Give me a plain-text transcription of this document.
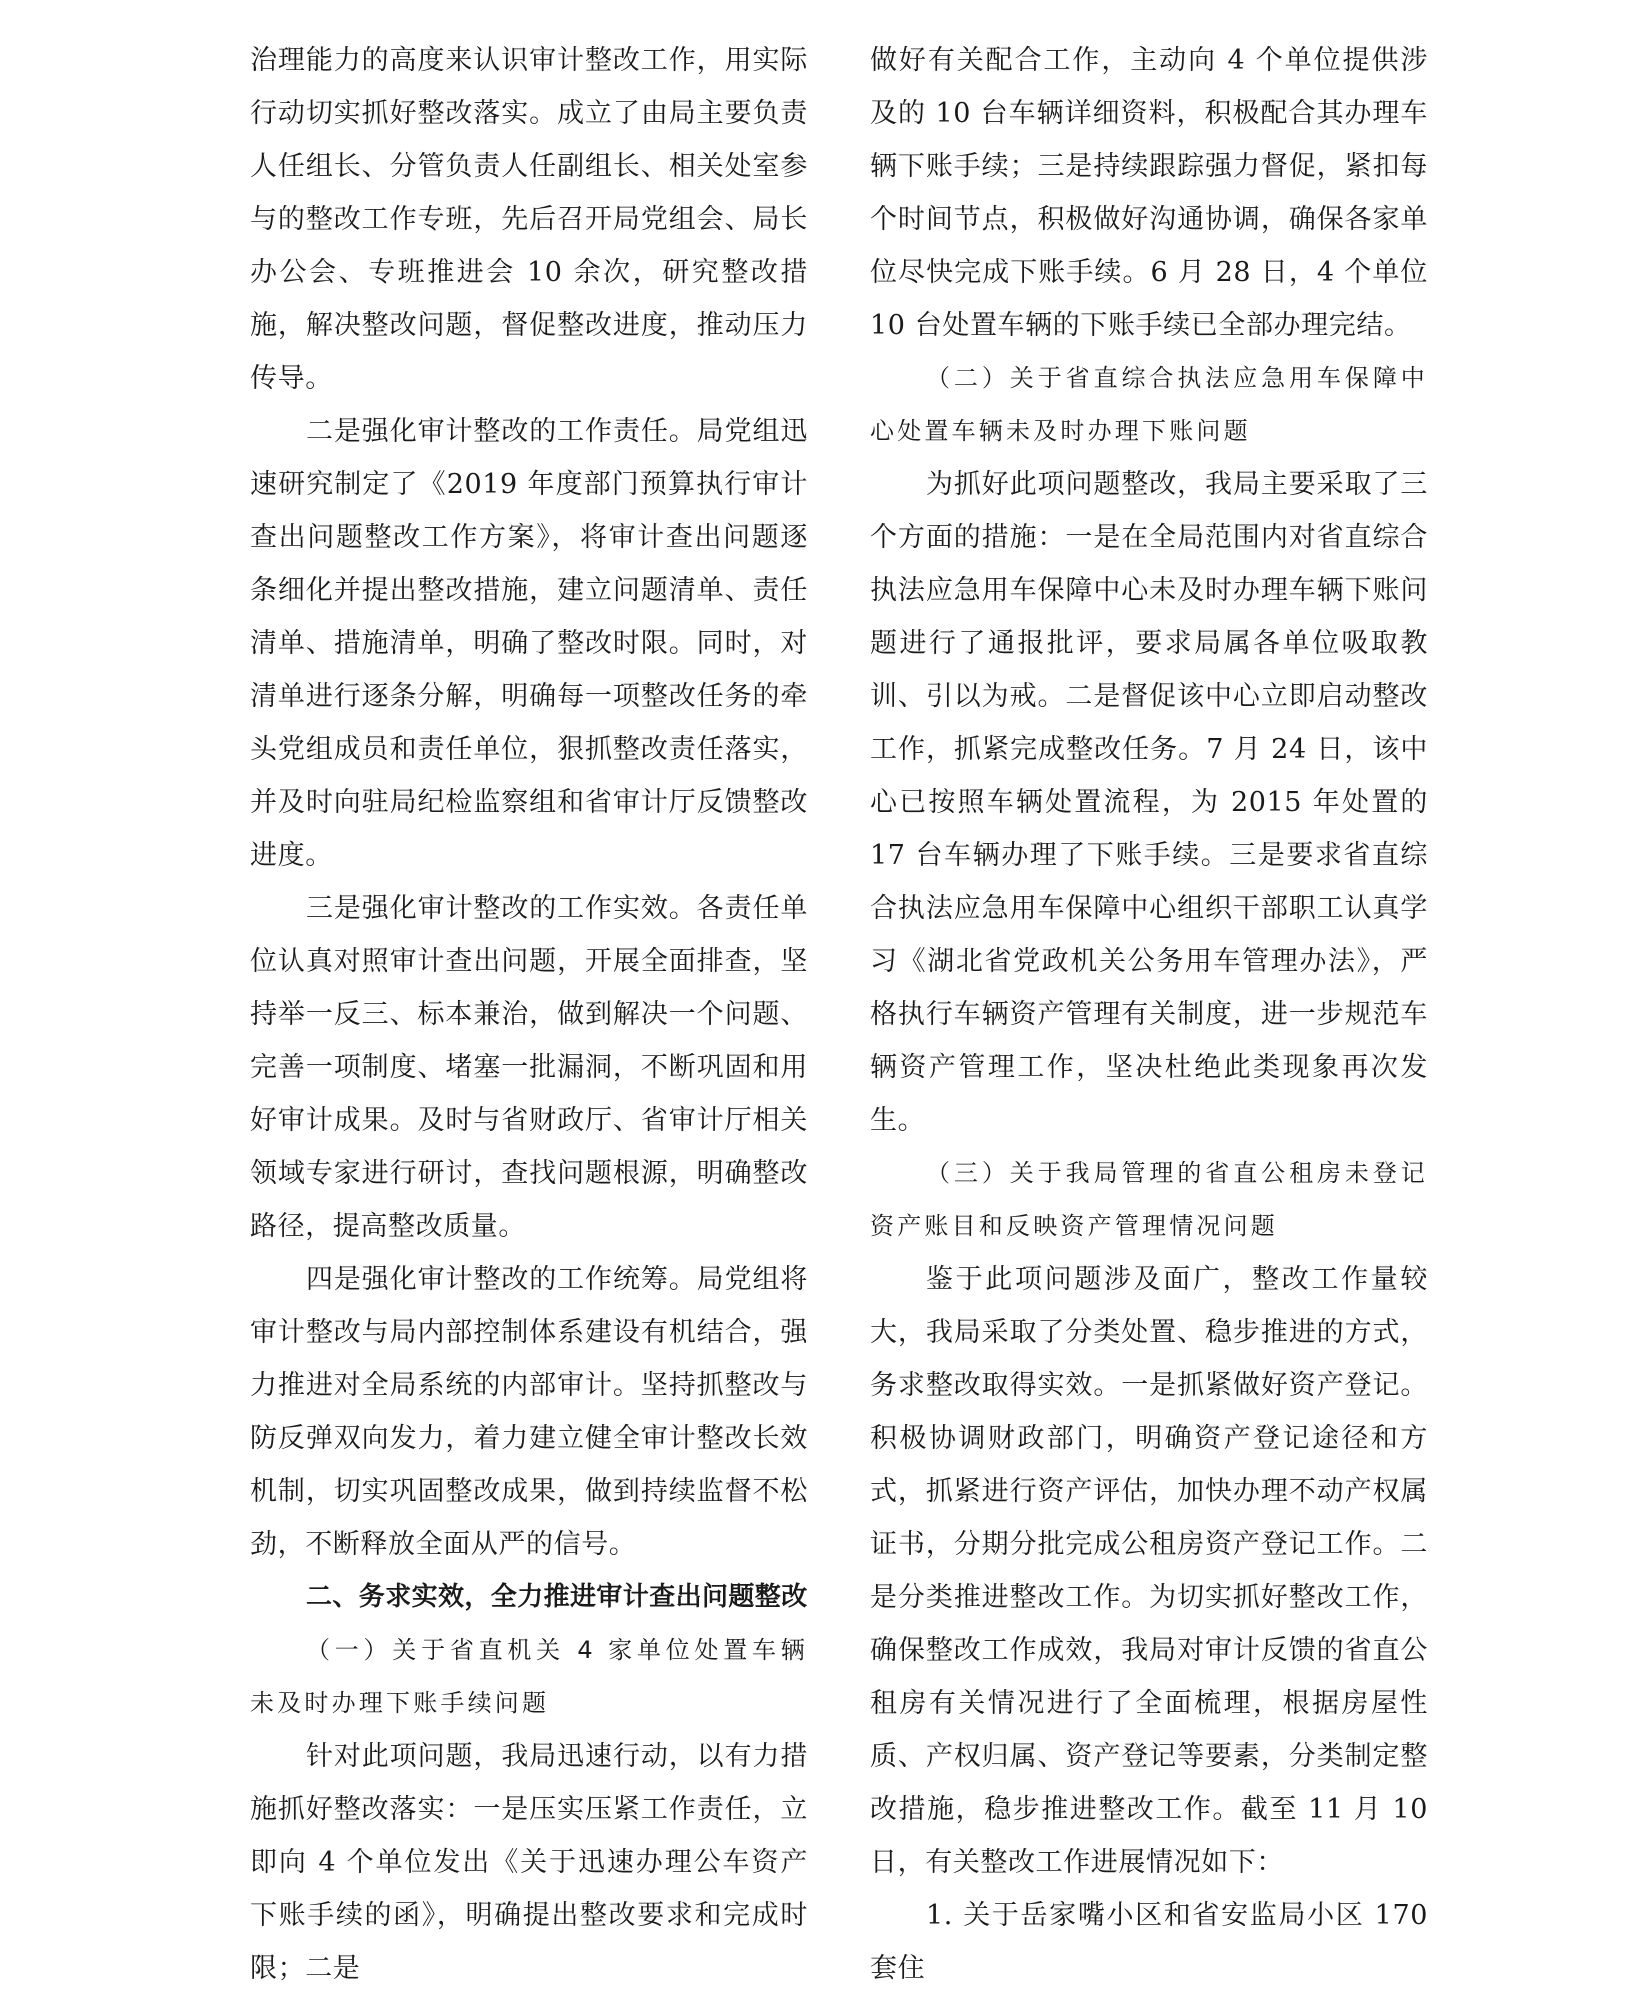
治理能力的高度来认识审计整改工作，用实际行动切实抓好整改落实。成立了由局主要负责人任组长、分管负责人任副组长、相关处室参与的整改工作专班，先后召开局党组会、局长办公会、专班推进会 10 余次，研究整改措施，解决整改问题，督促整改进度，推动压力传导。

二是强化审计整改的工作责任。局党组迅速研究制定了《2019 年度部门预算执行审计查出问题整改工作方案》，将审计查出问题逐条细化并提出整改措施，建立问题清单、责任清单、措施清单，明确了整改时限。同时，对清单进行逐条分解，明确每一项整改任务的牵头党组成员和责任单位，狠抓整改责任落实，并及时向驻局纪检监察组和省审计厅反馈整改进度。

三是强化审计整改的工作实效。各责任单位认真对照审计查出问题，开展全面排查，坚持举一反三、标本兼治，做到解决一个问题、完善一项制度、堵塞一批漏洞，不断巩固和用好审计成果。及时与省财政厅、省审计厅相关领域专家进行研讨，查找问题根源，明确整改路径，提高整改质量。

四是强化审计整改的工作统筹。局党组将审计整改与局内部控制体系建设有机结合，强力推进对全局系统的内部审计。坚持抓整改与防反弹双向发力，着力建立健全审计整改长效机制，切实巩固整改成果，做到持续监督不松劲，不断释放全面从严的信号。

二、务求实效，全力推进审计查出问题整改

（一）关于省直机关 4 家单位处置车辆未及时办理下账手续问题

针对此项问题，我局迅速行动，以有力措施抓好整改落实：一是压实压紧工作责任，立即向 4 个单位发出《关于迅速办理公车资产下账手续的函》，明确提出整改要求和完成时限；二是

做好有关配合工作，主动向 4 个单位提供涉及的 10 台车辆详细资料，积极配合其办理车辆下账手续；三是持续跟踪强力督促，紧扣每个时间节点，积极做好沟通协调，确保各家单位尽快完成下账手续。6 月 28 日，4 个单位 10 台处置车辆的下账手续已全部办理完结。

（二）关于省直综合执法应急用车保障中心处置车辆未及时办理下账问题

为抓好此项问题整改，我局主要采取了三个方面的措施：一是在全局范围内对省直综合执法应急用车保障中心未及时办理车辆下账问题进行了通报批评，要求局属各单位吸取教训、引以为戒。二是督促该中心立即启动整改工作，抓紧完成整改任务。7 月 24 日，该中心已按照车辆处置流程，为 2015 年处置的 17 台车辆办理了下账手续。三是要求省直综合执法应急用车保障中心组织干部职工认真学习《湖北省党政机关公务用车管理办法》，严格执行车辆资产管理有关制度，进一步规范车辆资产管理工作，坚决杜绝此类现象再次发生。

（三）关于我局管理的省直公租房未登记资产账目和反映资产管理情况问题

鉴于此项问题涉及面广，整改工作量较大，我局采取了分类处置、稳步推进的方式，务求整改取得实效。一是抓紧做好资产登记。积极协调财政部门，明确资产登记途径和方式，抓紧进行资产评估，加快办理不动产权属证书，分期分批完成公租房资产登记工作。二是分类推进整改工作。为切实抓好整改工作，确保整改工作成效，我局对审计反馈的省直公租房有关情况进行了全面梳理，根据房屋性质、产权归属、资产登记等要素，分类制定整改措施，稳步推进整改工作。截至 11 月 10 日，有关整改工作进展情况如下：

1. 关于岳家嘴小区和省安监局小区 170 套住
